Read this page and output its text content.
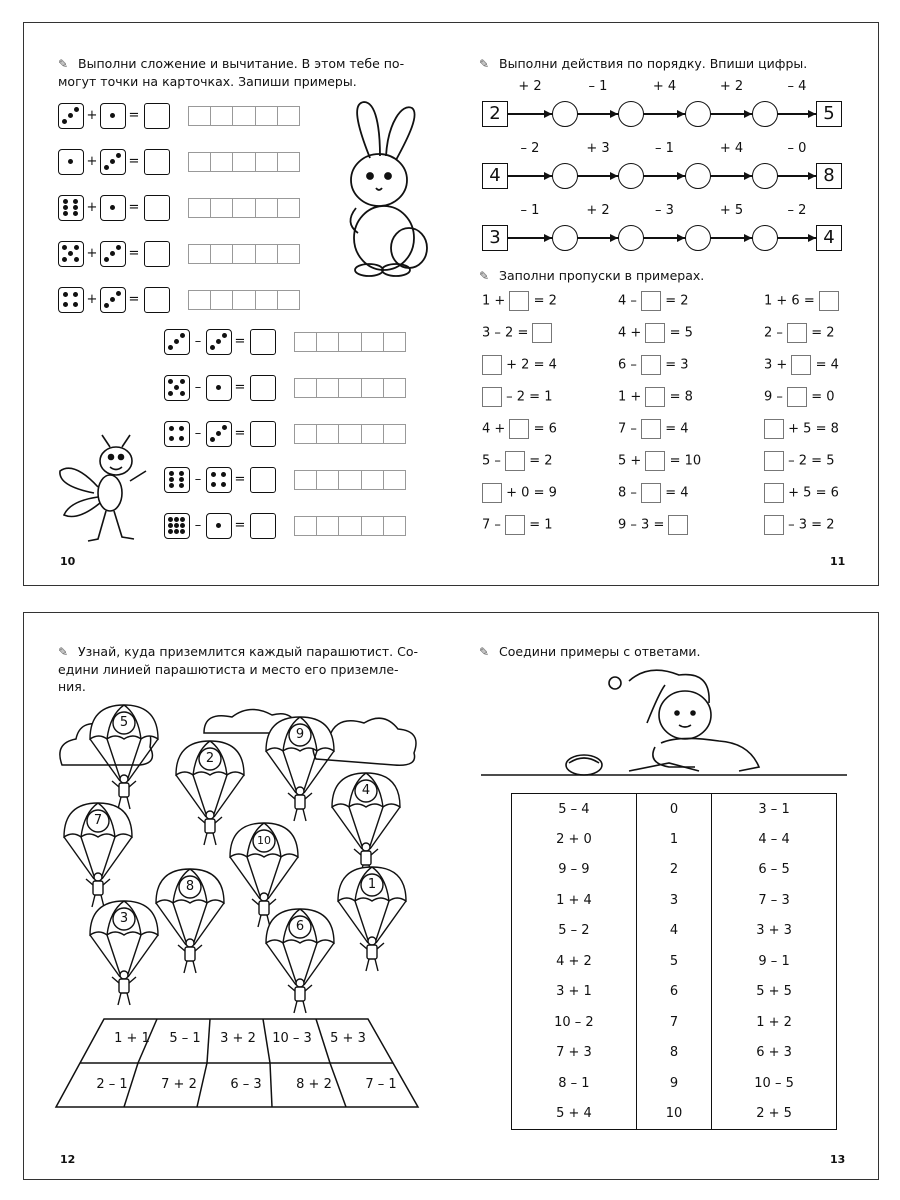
✎ Выполни сложение и вычитание. В этом тебе по-
могут точки на карточках. Запиши примеры.
+ =
+ =
+ =
+ =
+ =
–	=
–	=
–	=
–	=
–	=
✎ Выполни действия по порядку. Впиши цифры.
2
+ 2	– 1	+ 4	+ 2	– 4
5
4
– 2	+ 3	– 1	+ 4	– 0
8
3
– 1	+ 2	– 3	+ 5	– 2
4
✎ Заполни пропуски в примерах.
1 + = 2
3 – 2 =
+ 2 = 4
– 2 = 1
4 + = 6
5 – = 2
+ 0 = 9
7 – = 1
4 – = 2
4 + = 5
6 – = 3
1 + = 8
7 – = 4
5 + = 10
8 – = 4
9 – 3 =
1 + 6 =
2 – = 2
3 + = 4
9 – = 0
+ 5 = 8
– 2 = 5
+ 5 = 6
– 3 = 2
10	11
✎ Узнай, куда приземлится каждый парашютист. Со-
едини линией парашютиста и место его приземле-
ния.
5
2
9
4
7
10
8	1
3
6
1 + 1	5 – 1	3 + 2	10 – 3	5 + 3
2 – 1	7 + 2	6 – 3	8 + 2	7 – 1
✎ Соедини примеры с ответами.
5 – 4	0	3 – 1
2 + 0	1	4 – 4
9 – 9	2	6 – 5
1 + 4	3	7 – 3
5 – 2	4	3 + 3
4 + 2	5	9 – 1
3 + 1	6	5 + 5
10 – 2	7	1 + 2
7 + 3	8	6 + 3
8 – 1	9	10 – 5
5 + 4	10	2 + 5
12	13
